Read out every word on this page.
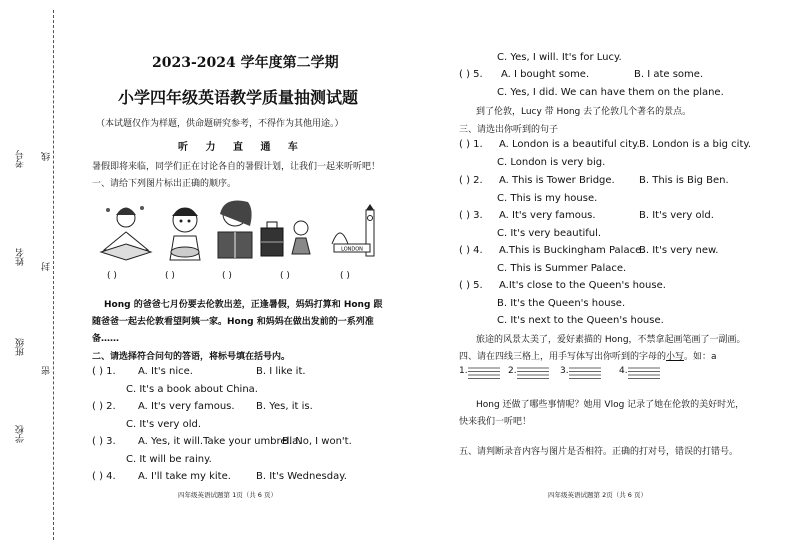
考号 线
姓名
封
班级
密
学校
2023-2024 学年度第二学期
小学四年级英语教学质量抽测试题
（本试题仅作为样题，供命题研究参考，不得作为其他用途。）
听 力 直 通 车
暑假即将来临，同学们正在讨论各自的暑假计划，让我们一起来听听吧！
一、请给下列图片标出正确的顺序。
LONDON
( )	( )	( )	( )	( )
Hong 的爸爸七月份要去伦敦出差，正逢暑假，妈妈打算和 Hong 跟
随爸爸一起去伦敦看望阿姨一家。Hong 和妈妈在做出发前的一系列准
备……
二、请选择符合问句的答语，将标号填在括号内。
( ) 1. A. It's nice.	B. I like it.
C. It's a book about China.
( ) 2. A. It's very famous. B. Yes, it is.
C. It's very old.
( ) 3. A. Yes, it will.Take your umbrella.
B. No, I won't.
C. It will be rainy.
( ) 4. A. I'll take my kite.	B. It's Wednesday.
四年级英语试题第 1页（共 6 页）
C. Yes, I will. It's for Lucy.
( ) 5. A. I bought some.	B. I ate some.
C. Yes, I did. We can have them on the plane.
到了伦敦，Lucy 带 Hong 去了伦敦几个著名的景点。
三、请选出你听到的句子
( ) 1. A. London is a beautiful city. B. London is a big city.
C. London is very big.
( ) 2. A. This is Tower Bridge. B. This is Big Ben.
C. This is my house.
( ) 3. A. It's very famous.	B. It's very old.
C. It's very beautiful.
( ) 4. A.This is Buckingham Palace.
B. It's very new.
C. This is Summer Palace.
( ) 5. A.It's close to the Queen's house.
B. It's the Queen's house.
C. It's next to the Queen's house.
旅途的风景太美了，爱好素描的 Hong，不禁拿起画笔画了一副画。
四、请在四线三格上，用手写体写出你听到的字母的小写。如：a
1.	2.	3.	4.
Hong 还做了哪些事情呢？她用 Vlog 记录了她在伦敦的美好时光，
快来我们一听吧！
五、请判断录音内容与图片是否相符。正确的打对号，错误的打错号。
四年级英语试题第 2页（共 6 页）
